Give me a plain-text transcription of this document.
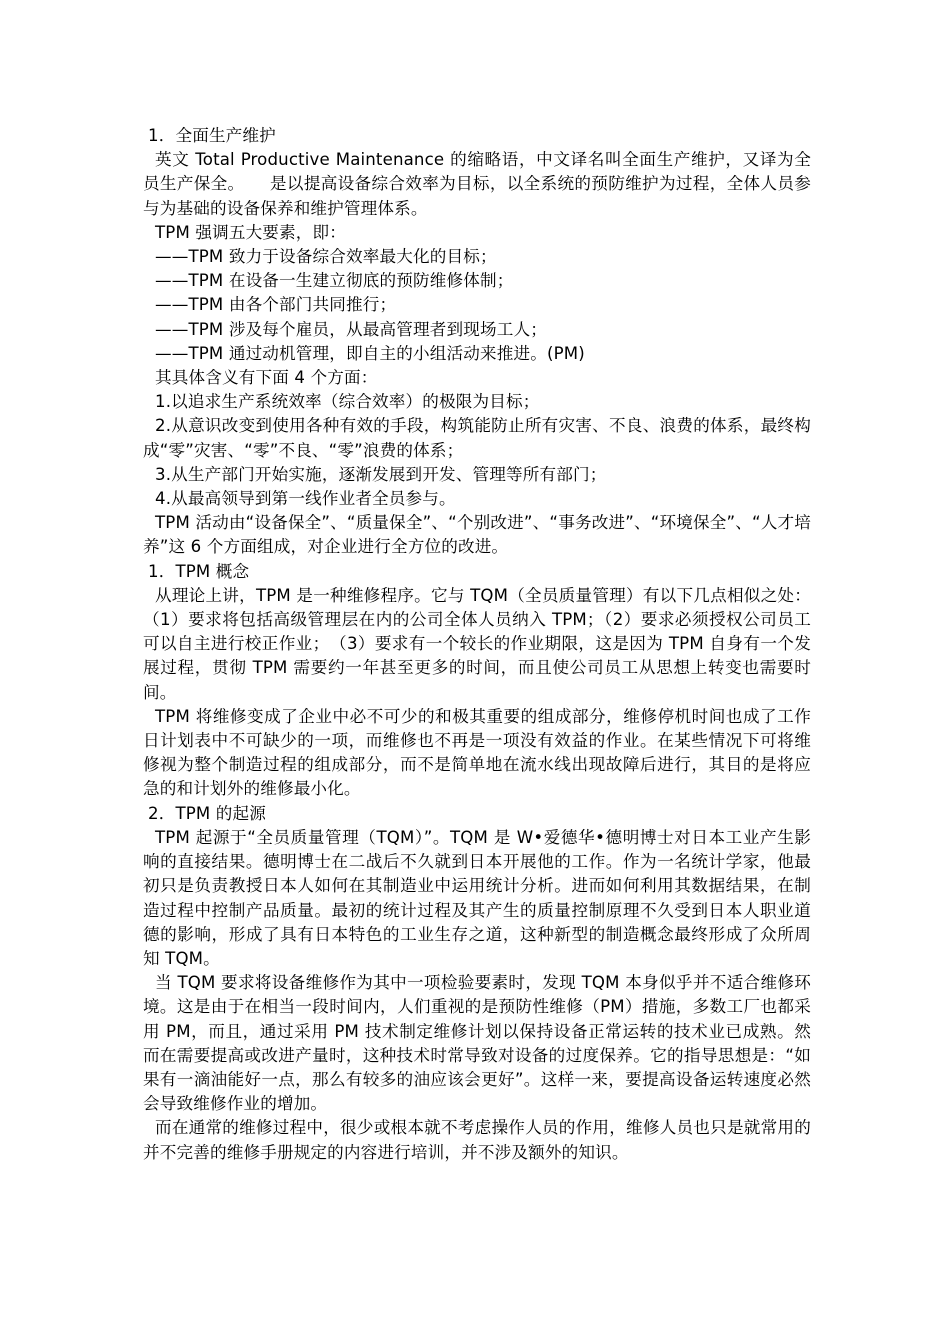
1．全面生产维护

英文 Total Productive Maintenance 的缩略语，中文译名叫全面生产维护，又译为全员生产保全。　　是以提高设备综合效率为目标，以全系统的预防维护为过程，全体人员参与为基础的设备保养和维护管理体系。

TPM 强调五大要素，即：

——TPM 致力于设备综合效率最大化的目标；

——TPM 在设备一生建立彻底的预防维修体制；

——TPM 由各个部门共同推行；

——TPM 涉及每个雇员，从最高管理者到现场工人；

——TPM 通过动机管理，即自主的小组活动来推进。(PM)

其具体含义有下面 4 个方面：

1.以追求生产系统效率（综合效率）的极限为目标；

2.从意识改变到使用各种有效的手段，构筑能防止所有灾害、不良、浪费的体系，最终构成“零”灾害、“零”不良、“零”浪费的体系；

3.从生产部门开始实施，逐渐发展到开发、管理等所有部门；

4.从最高领导到第一线作业者全员参与。

TPM 活动由“设备保全”、“质量保全”、“个别改进”、“事务改进”、“环境保全”、“人才培养”这 6 个方面组成，对企业进行全方位的改进。

1．TPM 概念

从理论上讲，TPM 是一种维修程序。它与 TQM（全员质量管理）有以下几点相似之处：（1）要求将包括高级管理层在内的公司全体人员纳入 TPM；（2）要求必须授权公司员工可以自主进行校正作业；　（3）要求有一个较长的作业期限，这是因为 TPM 自身有一个发展过程，贯彻 TPM 需要约一年甚至更多的时间，而且使公司员工从思想上转变也需要时间。

TPM 将维修变成了企业中必不可少的和极其重要的组成部分，维修停机时间也成了工作日计划表中不可缺少的一项，而维修也不再是一项没有效益的作业。在某些情况下可将维修视为整个制造过程的组成部分，而不是简单地在流水线出现故障后进行，其目的是将应急的和计划外的维修最小化。

2．TPM 的起源

TPM 起源于“全员质量管理（TQM）”。TQM 是 W•爱德华•德明博士对日本工业产生影响的直接结果。德明博士在二战后不久就到日本开展他的工作。作为一名统计学家，他最初只是负责教授日本人如何在其制造业中运用统计分析。进而如何利用其数据结果，在制造过程中控制产品质量。最初的统计过程及其产生的质量控制原理不久受到日本人职业道德的影响，形成了具有日本特色的工业生存之道，这种新型的制造概念最终形成了众所周知 TQM。

当 TQM 要求将设备维修作为其中一项检验要素时，发现 TQM 本身似乎并不适合维修环境。这是由于在相当一段时间内，人们重视的是预防性维修（PM）措施，多数工厂也都采用 PM，而且，通过采用 PM 技术制定维修计划以保持设备正常运转的技术业已成熟。然而在需要提高或改进产量时，这种技术时常导致对设备的过度保养。它的指导思想是：“如果有一滴油能好一点，那么有较多的油应该会更好”。这样一来，要提高设备运转速度必然会导致维修作业的增加。

而在通常的维修过程中，很少或根本就不考虑操作人员的作用，维修人员也只是就常用的并不完善的维修手册规定的内容进行培训，并不涉及额外的知识。
